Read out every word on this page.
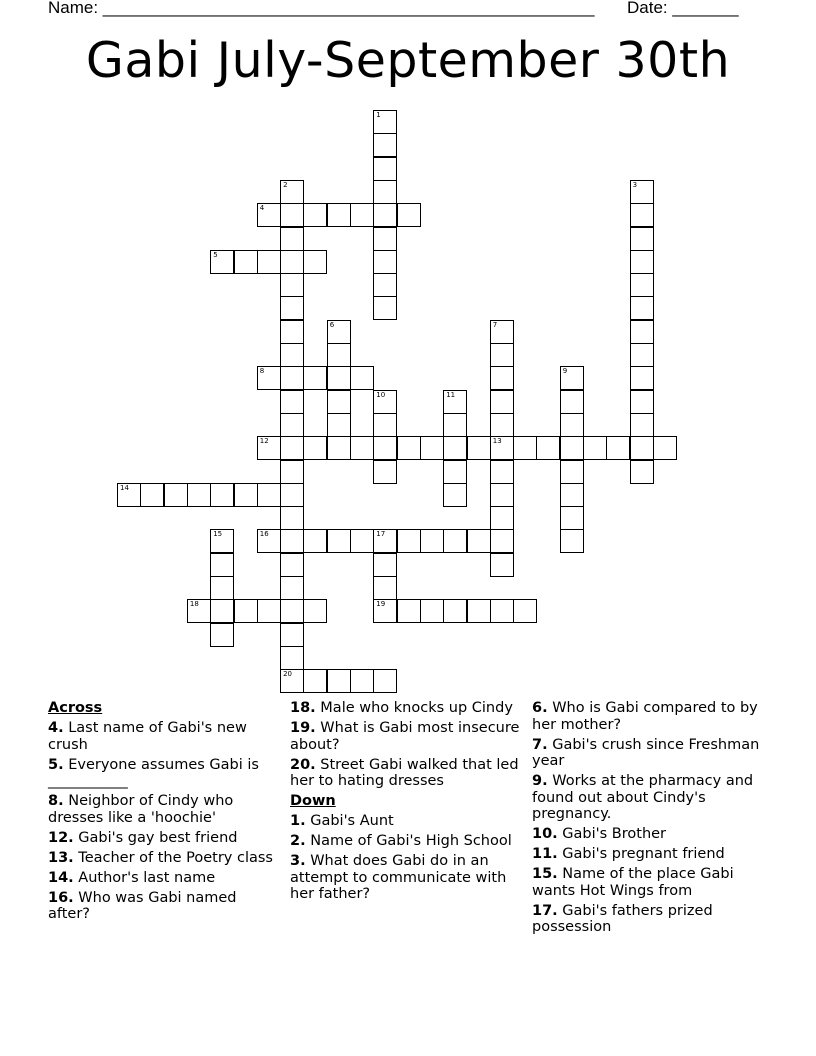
Name: ____________________________________________________ Date: _______
Gabi July-September 30th
1
2	3
4
5
6	7
13
8	9
10	11
12
14
15	16	17
18	19
20
Across
4. Last name of Gabi's new crush
5. Everyone assumes Gabi is ___________
8. Neighbor of Cindy who dresses like a 'hoochie'
12. Gabi's gay best friend
13. Teacher of the Poetry class
14. Author's last name
16. Who was Gabi named after?
18. Male who knocks up Cindy
19. What is Gabi most insecure about?
20. Street Gabi walked that led her to hating dresses
Down
1. Gabi's Aunt
2. Name of Gabi's High School
3. What does Gabi do in an attempt to communicate with her father?
6. Who is Gabi compared to by her mother?
7. Gabi's crush since Freshman year
9. Works at the pharmacy and found out about Cindy's pregnancy.
10. Gabi's Brother
11. Gabi's pregnant friend
15. Name of the place Gabi wants Hot Wings from
17. Gabi's fathers prized possession
